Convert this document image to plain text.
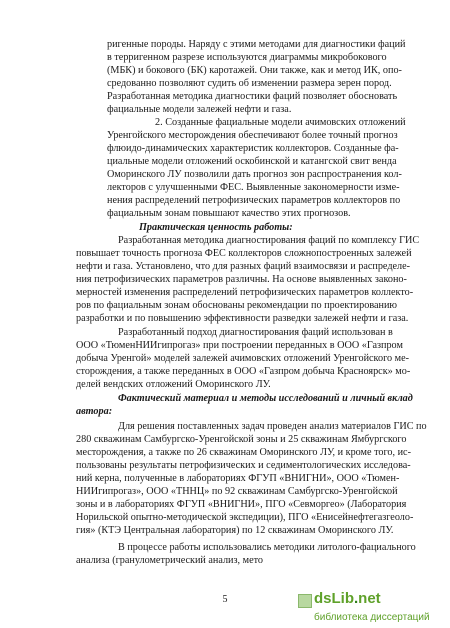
ригенные породы. Наряду с этими методами для диагностики фаций
в терригенном разрезе используются диаграммы микробокового
(МБК) и бокового (БК) каротажей. Они также, как и метод ИК, опо-
средованно позволяют судить об изменении размера зерен пород.
Разработанная методика диагностики фаций позволяет обосновать
фациальные модели залежей нефти и газа.
2. Созданные фациальные модели ачимовских отложений
Уренгойского месторождения обеспечивают более точный прогноз
флюидо-динамических характеристик коллекторов. Созданные фа-
циальные модели отложений оскобинской и катангской свит венда
Оморинского ЛУ позволили дать прогноз зон распространения кол-
лекторов с улучшенными ФЕС. Выявленные закономерности изме-
нения распределений петрофизических параметров коллекторов по
фациальным зонам повышают качество этих прогнозов.
Практическая ценность работы:
Разработанная методика диагностирования фаций по комплексу ГИС
повышает точность прогноза ФЕС коллекторов сложнопостроенных залежей
нефти и газа. Установлено, что для разных фаций взаимосвязи и распределе-
ния петрофизических параметров различны. На основе выявленных законо-
мерностей изменения распределений петрофизических параметров коллекто-
ров по фациальным зонам обоснованы рекомендации по проектированию
разработки и по повышению эффективности разведки залежей нефти и газа.
Разработанный подход диагностирования фаций использован в
ООО «ТюменНИИгипрогаз» при построении переданных в ООО «Газпром
добыча Уренгой» моделей залежей ачимовских отложений Уренгойского ме-
сторождения, а также переданных в ООО «Газпром добыча Красноярск» мо-
делей вендских отложений Оморинского ЛУ.
Фактический материал и методы исследований и личный вклад
автора:
Для решения поставленных задач проведен анализ материалов ГИС по
280 скважинам Самбургско-Уренгойской зоны и 25 скважинам Ямбургского
месторождения, а также по 26 скважинам Оморинского ЛУ, и кроме того, ис-
пользованы результаты петрофизических и седиментологических исследова-
ний керна, полученные в лабораториях ФГУП «ВНИГНИ», ООО «Тюмен-
НИИгипрогаз», ООО «ТННЦ» по 92 скважинам Самбургско-Уренгойской
зоны и в лабораториях ФГУП «ВНИГНИ», ПГО «Севморгео» (Лаборатория
Норильской опытно-методической экспедиции), ПГО «Енисейнефтегазгеоло-
гия» (КТЭ Центральная лаборатория) по 12 скважинам Оморинского ЛУ.
В процессе работы использовались методики литолого-фациального
анализа (гранулометрический анализ, мето
5	dsLib.net
библиотека диссертаций
